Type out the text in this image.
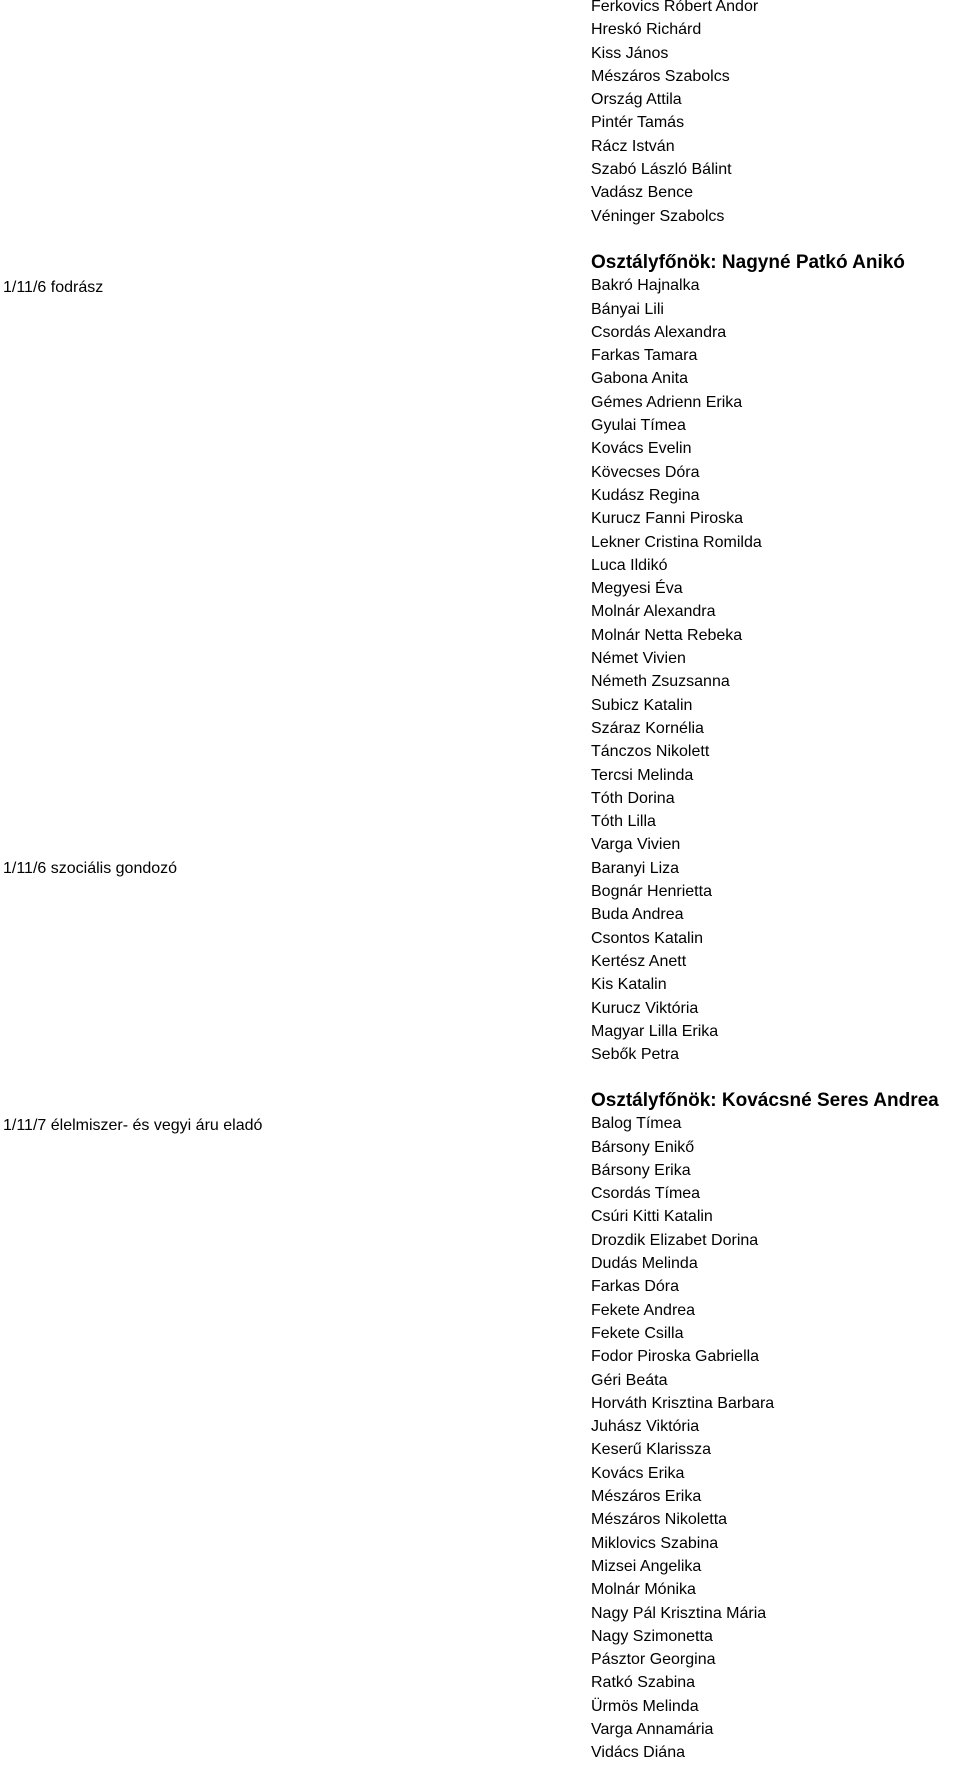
1/11/6 fodrász
1/11/6 szociális gondozó
1/11/7 élelmiszer- és vegyi áru eladó
Ferkovics Róbert Andor
Hreskó Richárd
Kiss János
Mészáros Szabolcs
Ország Attila
Pintér Tamás
Rácz István
Szabó László Bálint
Vadász Bence
Véninger Szabolcs
Osztályfőnök: Nagyné Patkó Anikó
Bakró Hajnalka
Bányai Lili
Csordás Alexandra
Farkas Tamara
Gabona Anita
Gémes Adrienn Erika
Gyulai Tímea
Kovács Evelin
Kövecses Dóra
Kudász Regina
Kurucz Fanni Piroska
Lekner Cristina Romilda
Luca Ildikó
Megyesi Éva
Molnár Alexandra
Molnár Netta Rebeka
Német Vivien
Németh Zsuzsanna
Subicz Katalin
Száraz Kornélia
Tánczos Nikolett
Tercsi Melinda
Tóth Dorina
Tóth Lilla
Varga Vivien
Baranyi Liza
Bognár Henrietta
Buda Andrea
Csontos Katalin
Kertész Anett
Kis Katalin
Kurucz Viktória
Magyar Lilla Erika
Sebők Petra
Osztályfőnök: Kovácsné Seres Andrea
Balog Tímea
Bársony Enikő
Bársony Erika
Csordás Tímea
Csúri Kitti Katalin
Drozdik Elizabet Dorina
Dudás Melinda
Farkas Dóra
Fekete Andrea
Fekete Csilla
Fodor Piroska Gabriella
Géri Beáta
Horváth Krisztina Barbara
Juhász Viktória
Keserű Klarissza
Kovács Erika
Mészáros Erika
Mészáros Nikoletta
Miklovics Szabina
Mizsei Angelika
Molnár Mónika
Nagy Pál Krisztina Mária
Nagy Szimonetta
Pásztor Georgina
Ratkó Szabina
Ürmös Melinda
Varga Annamária
Vidács Diána
